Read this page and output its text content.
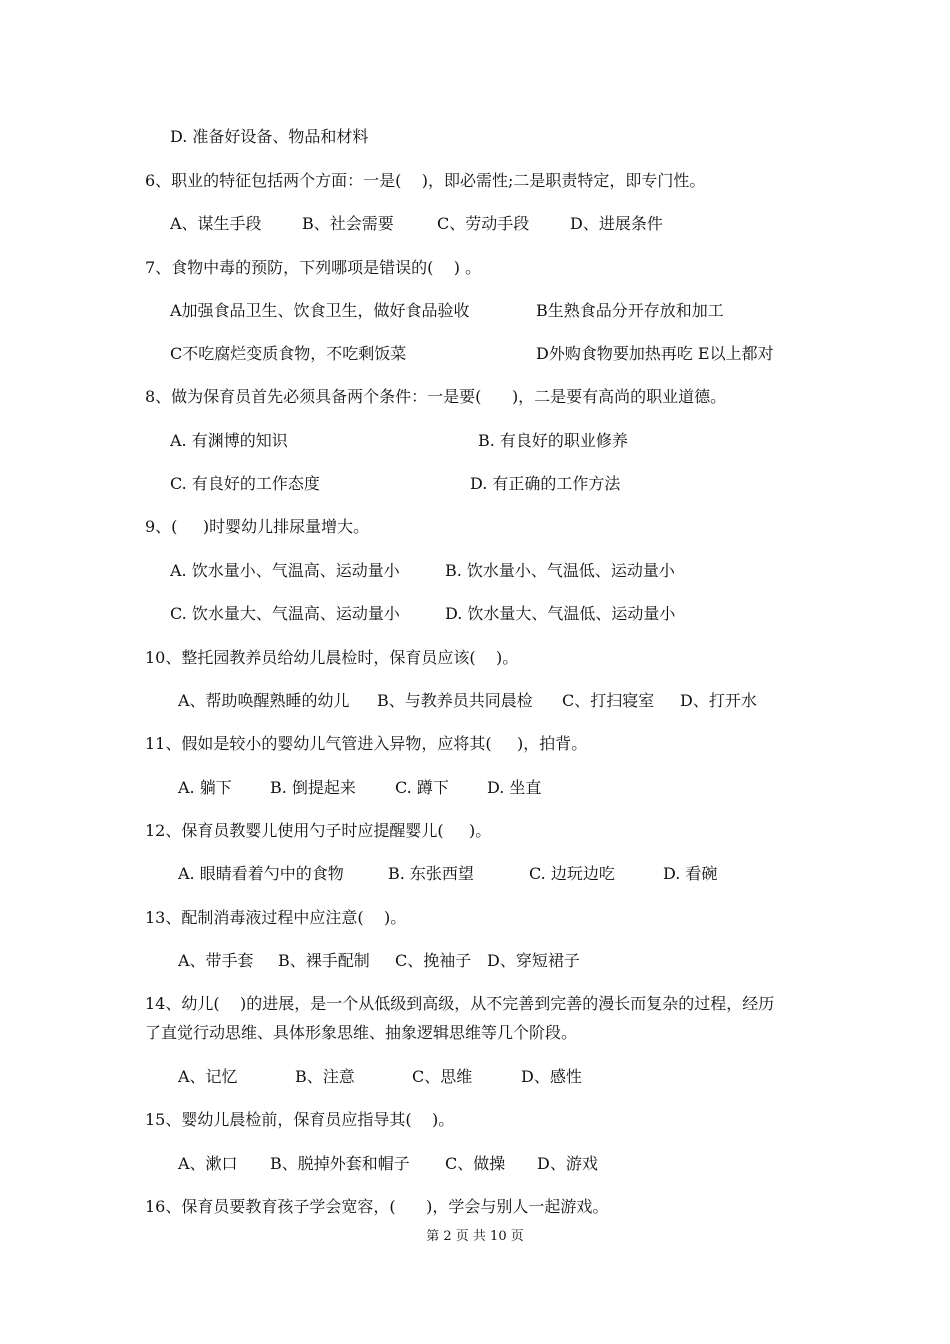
D. 准备好设备、物品和材料
6、职业的特征包括两个方面：一是(    )，即必需性;二是职责特定，即专门性。
A、谋生手段	B、社会需要	C、劳动手段	D、进展条件
7、食物中毒的预防，下列哪项是错误的(    ) 。
A加强食品卫生、饮食卫生，做好食品验收	B生熟食品分开存放和加工
C不吃腐烂变质食物，不吃剩饭菜	D外购食物要加热再吃 E以上都对
8、做为保育员首先必须具备两个条件：一是要(      )，二是要有高尚的职业道德。
A. 有渊博的知识	B. 有良好的职业修养
C. 有良好的工作态度	D. 有正确的工作方法
9、(     )时婴幼儿排尿量增大。
A. 饮水量小、气温高、运动量小	B. 饮水量小、气温低、运动量小
C. 饮水量大、气温高、运动量小	D. 饮水量大、气温低、运动量小
10、整托园教养员给幼儿晨检时，保育员应该(    )。
A、帮助唤醒熟睡的幼儿 B、与教养员共同晨检 C、打扫寝室 D、打开水
11、假如是较小的婴幼儿气管进入异物，应将其(     )，拍背。
A. 躺下 B. 倒提起来 C. 蹲下 D. 坐直
12、保育员教婴儿使用勺子时应提醒婴儿(     )。
A. 眼睛看着勺中的食物	B. 东张西望	C. 边玩边吃	D. 看碗
13、配制消毒液过程中应注意(    )。
A、带手套 B、裸手配制 C、挽袖子 D、穿短裙子
14、幼儿(    )的进展，是一个从低级到高级，从不完善到完善的漫长而复杂的过程，经历
了直觉行动思维、具体形象思维、抽象逻辑思维等几个阶段。
A、记忆	B、注意	C、思维	D、感性
15、婴幼儿晨检前，保育员应指导其(    )。
A、漱口 B、脱掉外套和帽子 C、做操 D、游戏
16、保育员要教育孩子学会宽容，(      )，学会与别人一起游戏。
第 2 页 共 10 页
